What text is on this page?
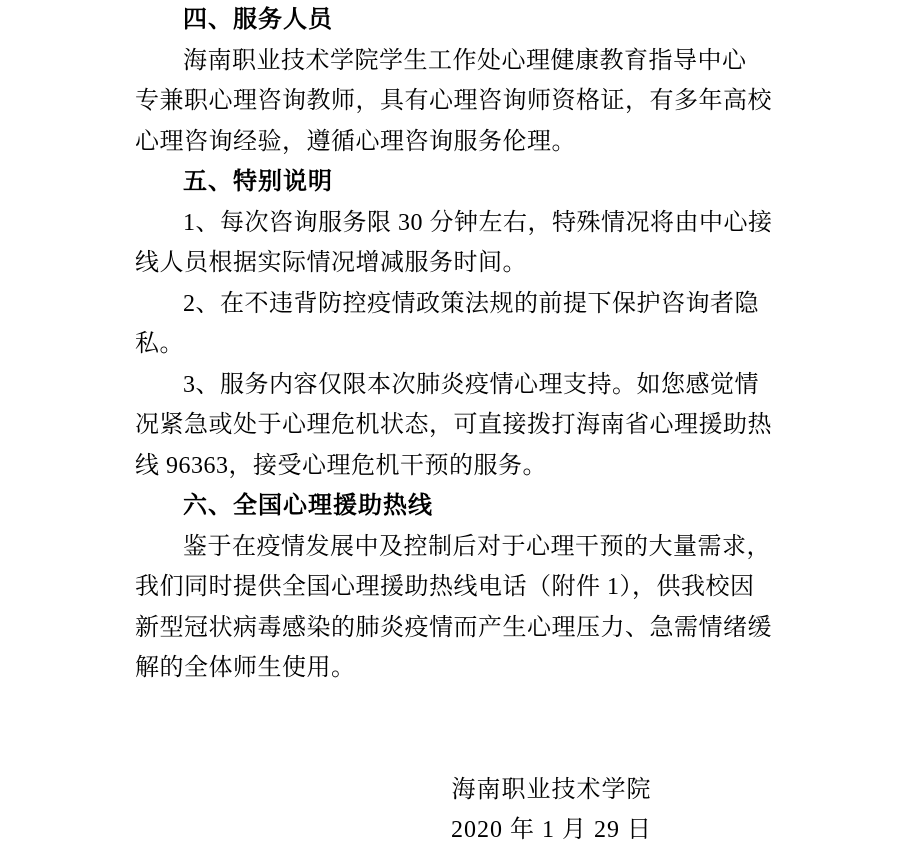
四、服务人员
海南职业技术学院学生工作处心理健康教育指导中心
专兼职心理咨询教师，具有心理咨询师资格证，有多年高校
心理咨询经验，遵循心理咨询服务伦理。
五、特别说明
1、每次咨询服务限 30 分钟左右，特殊情况将由中心接
线人员根据实际情况增减服务时间。
2、在不违背防控疫情政策法规的前提下保护咨询者隐
私。
3、服务内容仅限本次肺炎疫情心理支持。如您感觉情
况紧急或处于心理危机状态，可直接拨打海南省心理援助热
线 96363，接受心理危机干预的服务。
六、全国心理援助热线
鉴于在疫情发展中及控制后对于心理干预的大量需求，
我们同时提供全国心理援助热线电话（附件 1），供我校因
新型冠状病毒感染的肺炎疫情而产生心理压力、急需情绪缓
解的全体师生使用。
海南职业技术学院
2020 年 1 月 29 日
